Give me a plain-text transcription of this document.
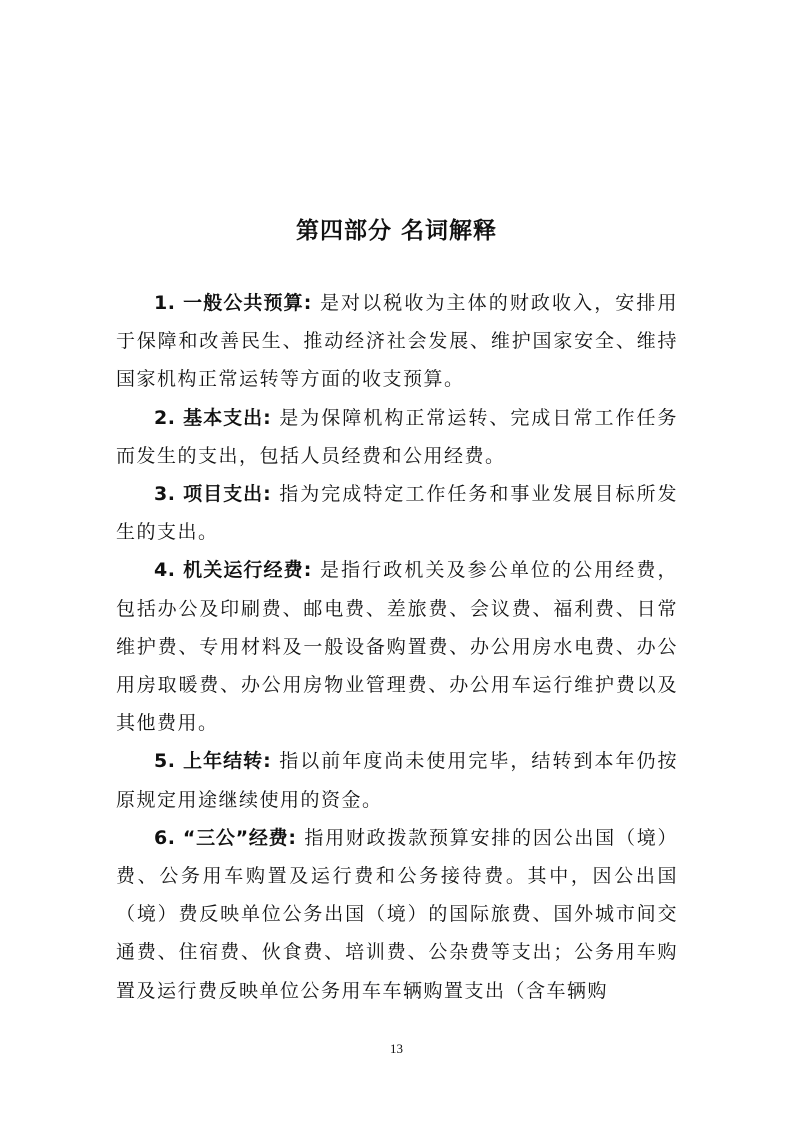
第四部分 名词解释

1. 一般公共预算: 是对以税收为主体的财政收入，安排用于保障和改善民生、推动经济社会发展、维护国家安全、维持国家机构正常运转等方面的收支预算。

2. 基本支出: 是为保障机构正常运转、完成日常工作任务而发生的支出，包括人员经费和公用经费。

3. 项目支出: 指为完成特定工作任务和事业发展目标所发生的支出。

4. 机关运行经费: 是指行政机关及参公单位的公用经费，包括办公及印刷费、邮电费、差旅费、会议费、福利费、日常维护费、专用材料及一般设备购置费、办公用房水电费、办公用房取暖费、办公用房物业管理费、办公用车运行维护费以及其他费用。

5. 上年结转: 指以前年度尚未使用完毕，结转到本年仍按原规定用途继续使用的资金。

6. “三公”经费: 指用财政拨款预算安排的因公出国（境）费、公务用车购置及运行费和公务接待费。其中，因公出国（境）费反映单位公务出国（境）的国际旅费、国外城市间交通费、住宿费、伙食费、培训费、公杂费等支出；公务用车购置及运行费反映单位公务用车车辆购置支出（含车辆购

13
